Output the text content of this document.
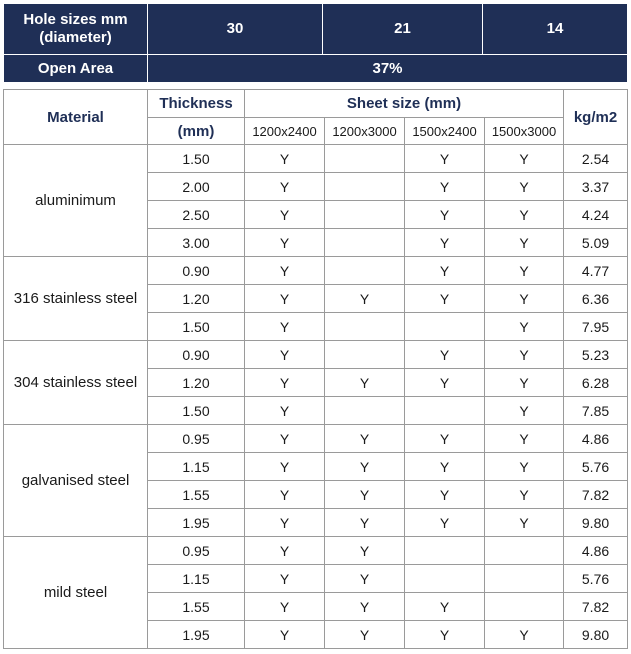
Hole sizes mm
(diameter)	30	21	14
Open Area	37%		
Material	Thickness	Sheet size (mm)				kg/m2
	(mm)	1200x2400	1200x3000	1500x2400	1500x3000	
aluminimum	1.50	Y		Y	Y	2.54
	2.00	Y		Y	Y	3.37
	2.50	Y		Y	Y	4.24
	3.00	Y		Y	Y	5.09
316 stainless steel	0.90	Y		Y	Y	4.77
	1.20	Y	Y	Y	Y	6.36
	1.50	Y			Y	7.95
304 stainless steel	0.90	Y		Y	Y	5.23
	1.20	Y	Y	Y	Y	6.28
	1.50	Y			Y	7.85
galvanised steel	0.95	Y	Y	Y	Y	4.86
	1.15	Y	Y	Y	Y	5.76
	1.55	Y	Y	Y	Y	7.82
	1.95	Y	Y	Y	Y	9.80
mild steel	0.95	Y	Y			4.86
	1.15	Y	Y			5.76
	1.55	Y	Y	Y		7.82
	1.95	Y	Y	Y	Y	9.80
